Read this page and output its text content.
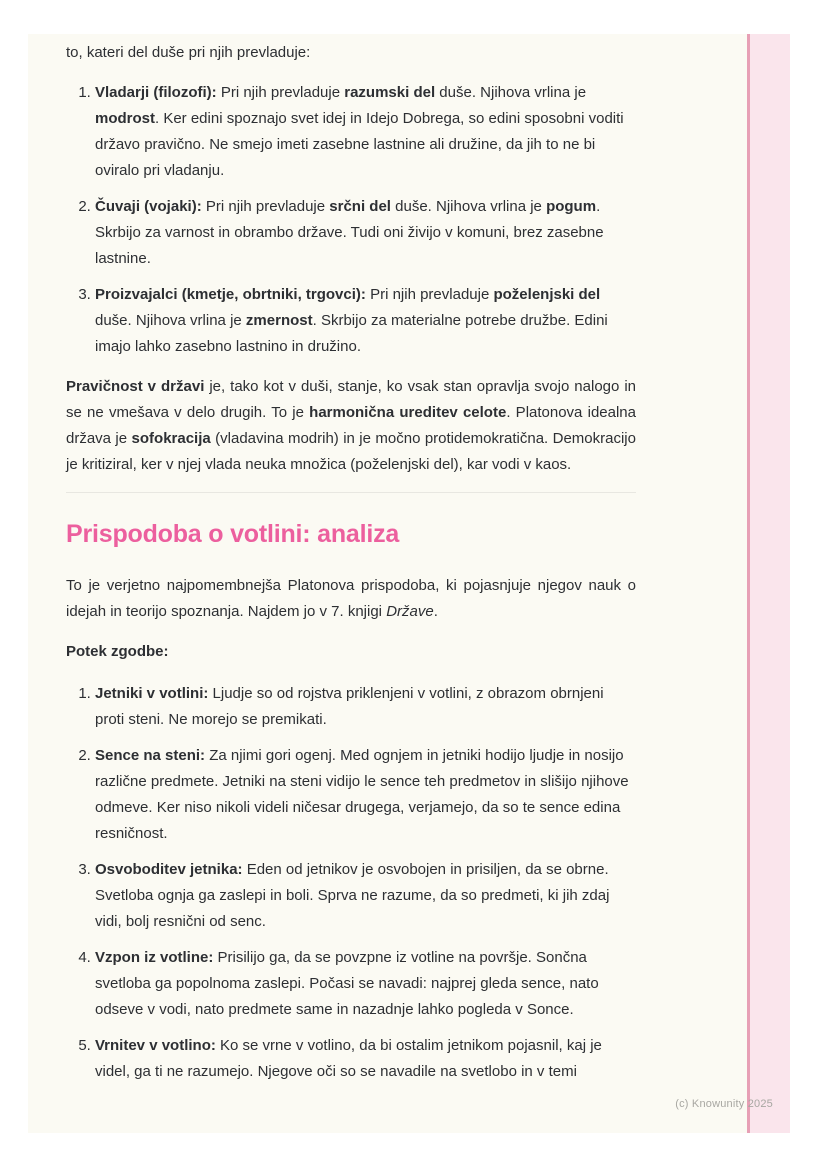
to, kateri del duše pri njih prevladuje:

1. Vladarji (filozofi): Pri njih prevladuje razumski del duše. Njihova vrlina je modrost. Ker edini spoznajo svet idej in Idejo Dobrega, so edini sposobni voditi državo pravično. Ne smejo imeti zasebne lastnine ali družine, da jih to ne bi oviralo pri vladanju.
2. Čuvaji (vojaki): Pri njih prevladuje srčni del duše. Njihova vrlina je pogum. Skrbijo za varnost in obrambo države. Tudi oni živijo v komuni, brez zasebne lastnine.
3. Proizvajalci (kmetje, obrtniki, trgovci): Pri njih prevladuje poželenjski del duše. Njihova vrlina je zmernost. Skrbijo za materialne potrebe družbe. Edini imajo lahko zasebno lastnino in družino.

Pravičnost v državi je, tako kot v duši, stanje, ko vsak stan opravlja svojo nalogo in se ne vmešava v delo drugih. To je harmonična ureditev celote. Platonova idealna država je sofokracija (vladavina modrih) in je močno protidemokratična. Demokracijo je kritiziral, ker v njej vlada neuka množica (poželenjski del), kar vodi v kaos.

Prispodoba o votlini: analiza

To je verjetno najpomembnejša Platonova prispodoba, ki pojasnjuje njegov nauk o idejah in teorijo spoznanja. Najdem jo v 7. knjigi Države.

Potek zgodbe:

1. Jetniki v votlini: Ljudje so od rojstva priklenjeni v votlini, z obrazom obrnjeni proti steni. Ne morejo se premikati.
2. Sence na steni: Za njimi gori ogenj. Med ognjem in jetniki hodijo ljudje in nosijo različne predmete. Jetniki na steni vidijo le sence teh predmetov in slišijo njihove odmeve. Ker niso nikoli videli ničesar drugega, verjamejo, da so te sence edina resničnost.
3. Osvoboditev jetnika: Eden od jetnikov je osvobojen in prisiljen, da se obrne. Svetloba ognja ga zaslepi in boli. Sprva ne razume, da so predmeti, ki jih zdaj vidi, bolj resnični od senc.
4. Vzpon iz votline: Prisilijo ga, da se povzpne iz votline na površje. Sončna svetloba ga popolnoma zaslepi. Počasi se navadi: najprej gleda sence, nato odseve v vodi, nato predmete same in nazadnje lahko pogleda v Sonce.
5. Vrnitev v votlino: Ko se vrne v votlino, da bi ostalim jetnikom pojasnil, kaj je videl, ga ti ne razumejo. Njegove oči so se navadile na svetlobo in v temi
(c) Knowunity 2025
